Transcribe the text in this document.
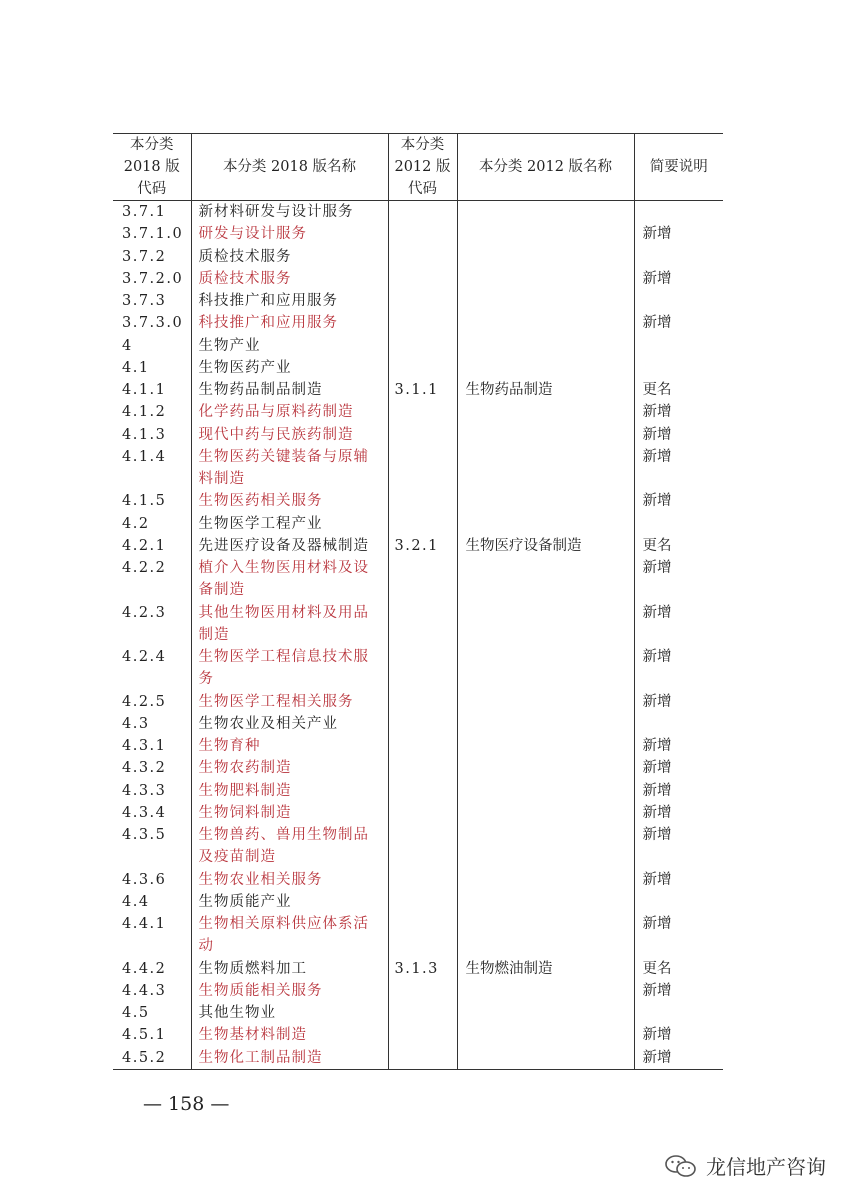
本分类
2018 版
代码	本分类 2018 版名称	本分类
2012 版
代码	本分类 2012 版名称	简要说明
3.7.1	新材料研发与设计服务			
3.7.1.0	研发与设计服务			新增
3.7.2	质检技术服务			
3.7.2.0	质检技术服务			新增
3.7.3	科技推广和应用服务			
3.7.3.0	科技推广和应用服务			新增
4	生物产业			
4.1	生物医药产业			
4.1.1	生物药品制品制造	3.1.1	生物药品制造	更名
4.1.2	化学药品与原料药制造			新增
4.1.3	现代中药与民族药制造			新增
4.1.4	生物医药关键装备与原辅料制造			新增
4.1.5	生物医药相关服务			新增
4.2	生物医学工程产业			
4.2.1	先进医疗设备及器械制造	3.2.1	生物医疗设备制造	更名
4.2.2	植介入生物医用材料及设备制造			新增
4.2.3	其他生物医用材料及用品制造			新增
4.2.4	生物医学工程信息技术服务			新增
4.2.5	生物医学工程相关服务			新增
4.3	生物农业及相关产业			
4.3.1	生物育种			新增
4.3.2	生物农药制造			新增
4.3.3	生物肥料制造			新增
4.3.4	生物饲料制造			新增
4.3.5	生物兽药、兽用生物制品及疫苗制造			新增
4.3.6	生物农业相关服务			新增
4.4	生物质能产业			
4.4.1	生物相关原料供应体系活动			新增
4.4.2	生物质燃料加工	3.1.3	生物燃油制造	更名
4.4.3	生物质能相关服务			新增
4.5	其他生物业			
4.5.1	生物基材料制造			新增
4.5.2	生物化工制品制造			新增
— 158 —
龙信地产咨询
